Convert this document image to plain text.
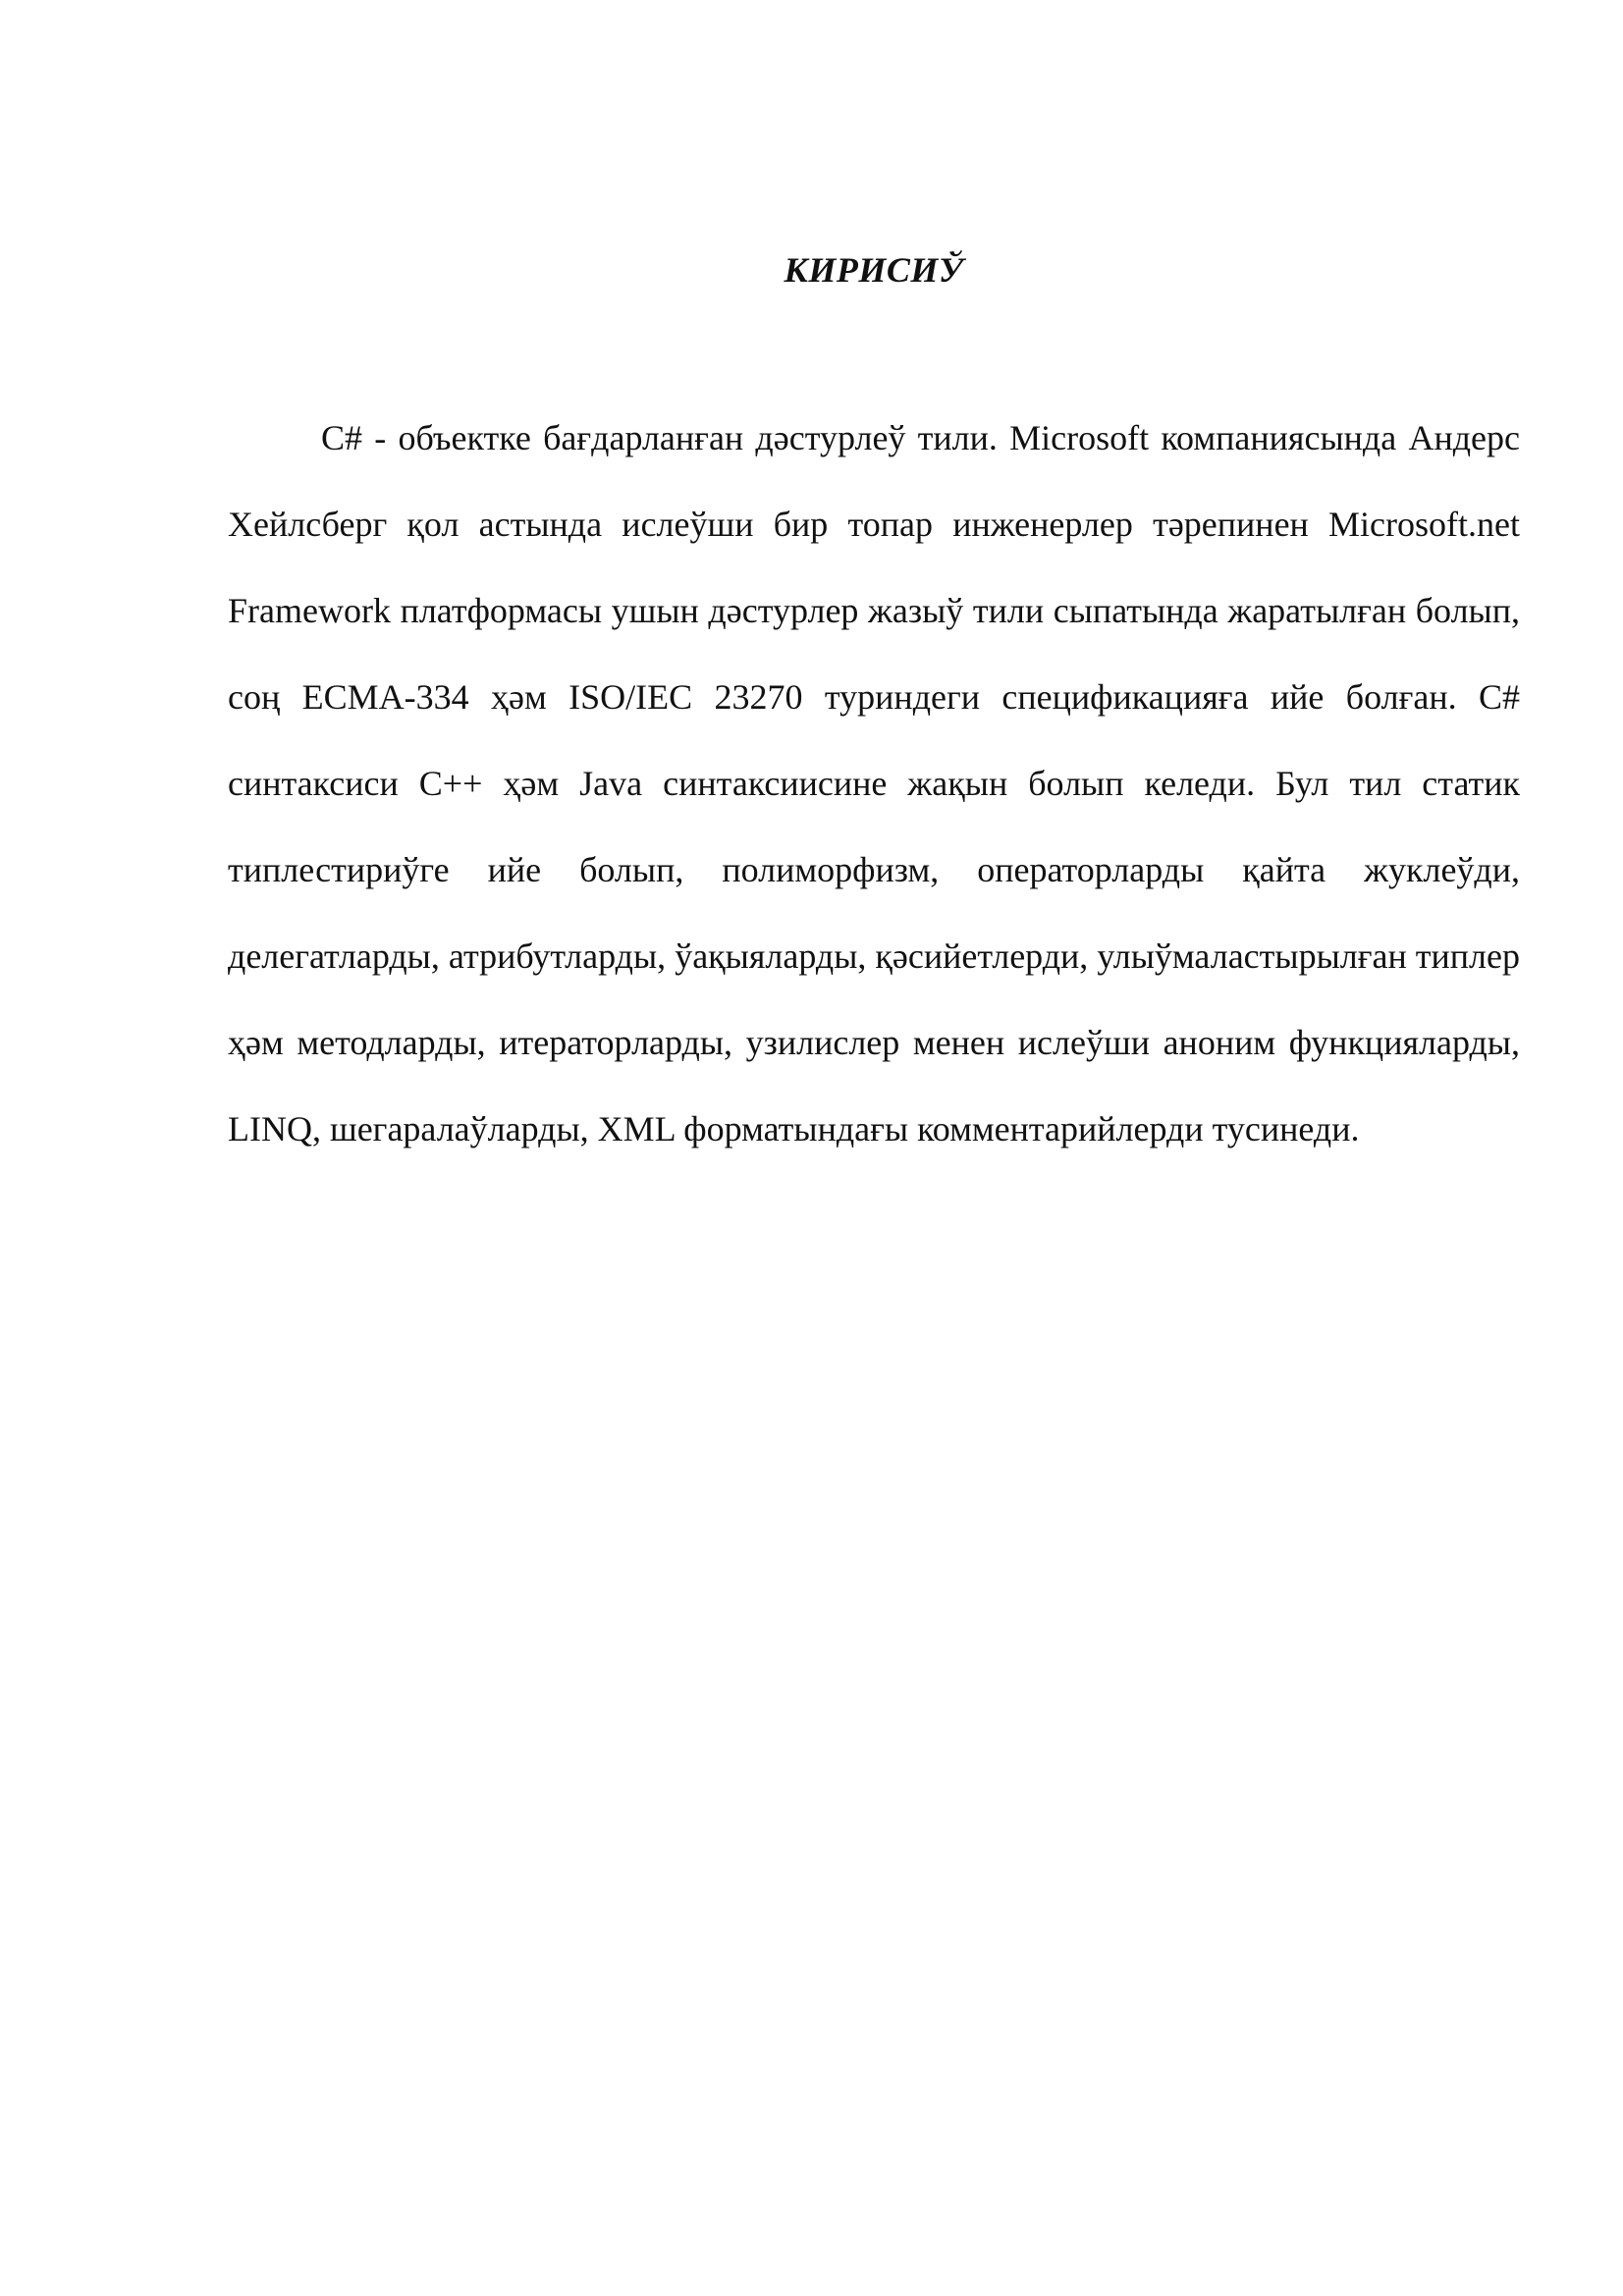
КИРИСИЎ

C# - объектке бағдарланған дәстурлеў тили. Microsoft компаниясында Андерс Хейлсберг қол астында ислеўши бир топар инженерлер тәрепинен Microsoft.net Framework платформасы ушын дәстурлер жазыў тили сыпатында жаратылған болып, соң ECMA-334 ҳәм ISO/IEC 23270 туриндеги спецификацияға ийе болған. C# синтаксиси C++ ҳәм Java синтаксиисине жақын болып келеди. Бул тил статик типлестириўге ийе болып, полиморфизм, операторларды қайта жуклеўди, делегатларды, атрибутларды, ўақыяларды, қәсийетлерди, улыўмаластырылған типлер ҳәм методларды, итераторларды, узилислер менен ислеўши аноним функцияларды, LINQ, шегаралаўларды, XML форматындағы комментарийлерди тусинеди.
